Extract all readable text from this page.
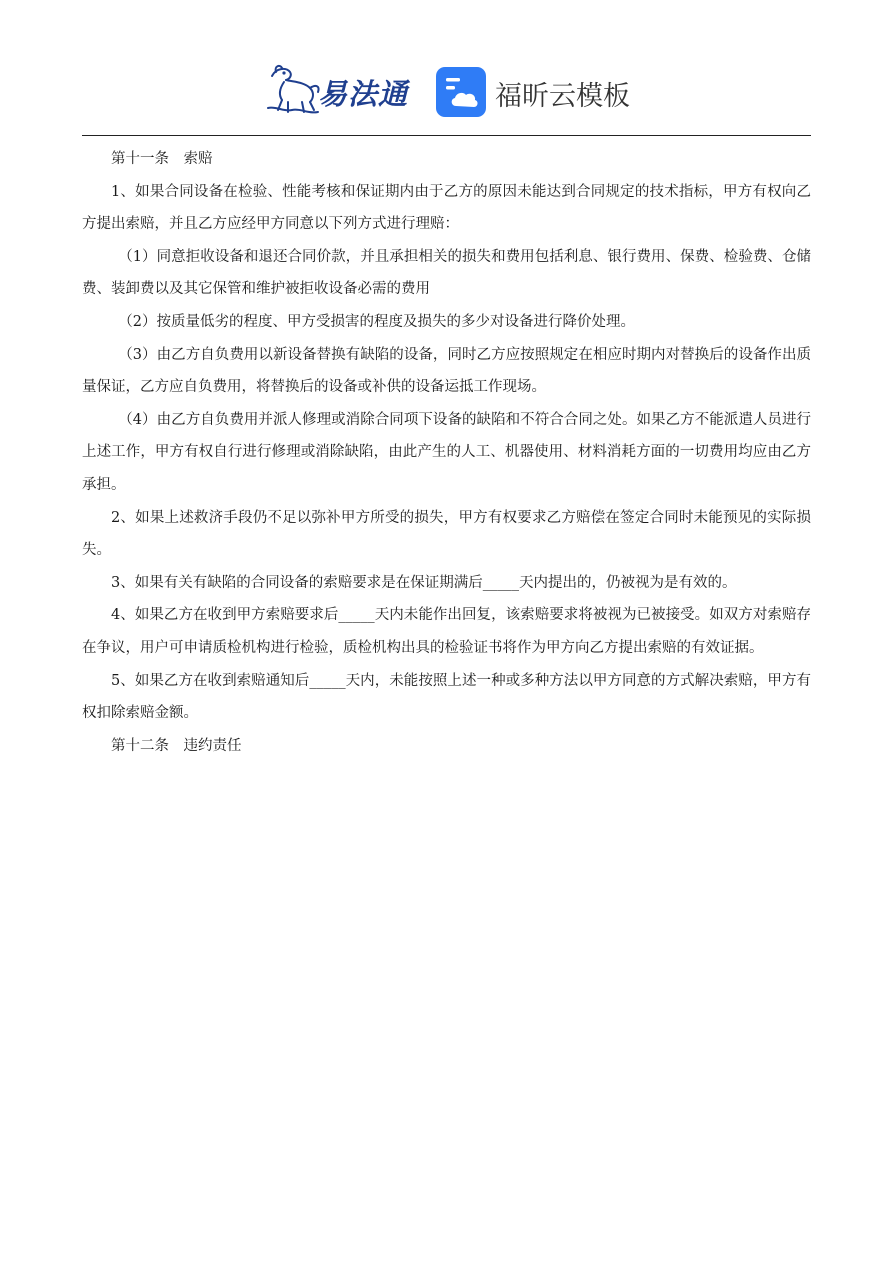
易法通	福昕云模板

第十一条　索赔

1、如果合同设备在检验、性能考核和保证期内由于乙方的原因未能达到合同规定的技术指标，甲方有权向乙方提出索赔，并且乙方应经甲方同意以下列方式进行理赔：

（1）同意拒收设备和退还合同价款，并且承担相关的损失和费用包括利息、银行费用、保费、检验费、仓储费、装卸费以及其它保管和维护被拒收设备必需的费用

（2）按质量低劣的程度、甲方受损害的程度及损失的多少对设备进行降价处理。

（3）由乙方自负费用以新设备替换有缺陷的设备，同时乙方应按照规定在相应时期内对替换后的设备作出质量保证，乙方应自负费用，将替换后的设备或补供的设备运抵工作现场。

（4）由乙方自负费用并派人修理或消除合同项下设备的缺陷和不符合合同之处。如果乙方不能派遣人员进行上述工作，甲方有权自行进行修理或消除缺陷，由此产生的人工、机器使用、材料消耗方面的一切费用均应由乙方承担。

2、如果上述救济手段仍不足以弥补甲方所受的损失，甲方有权要求乙方赔偿在签定合同时未能预见的实际损失。

3、如果有关有缺陷的合同设备的索赔要求是在保证期满后_____天内提出的，仍被视为是有效的。

4、如果乙方在收到甲方索赔要求后_____天内未能作出回复，该索赔要求将被视为已被接受。如双方对索赔存在争议，用户可申请质检机构进行检验，质检机构出具的检验证书将作为甲方向乙方提出索赔的有效证据。

5、如果乙方在收到索赔通知后_____天内，未能按照上述一种或多种方法以甲方同意的方式解决索赔，甲方有权扣除索赔金额。

第十二条　违约责任
